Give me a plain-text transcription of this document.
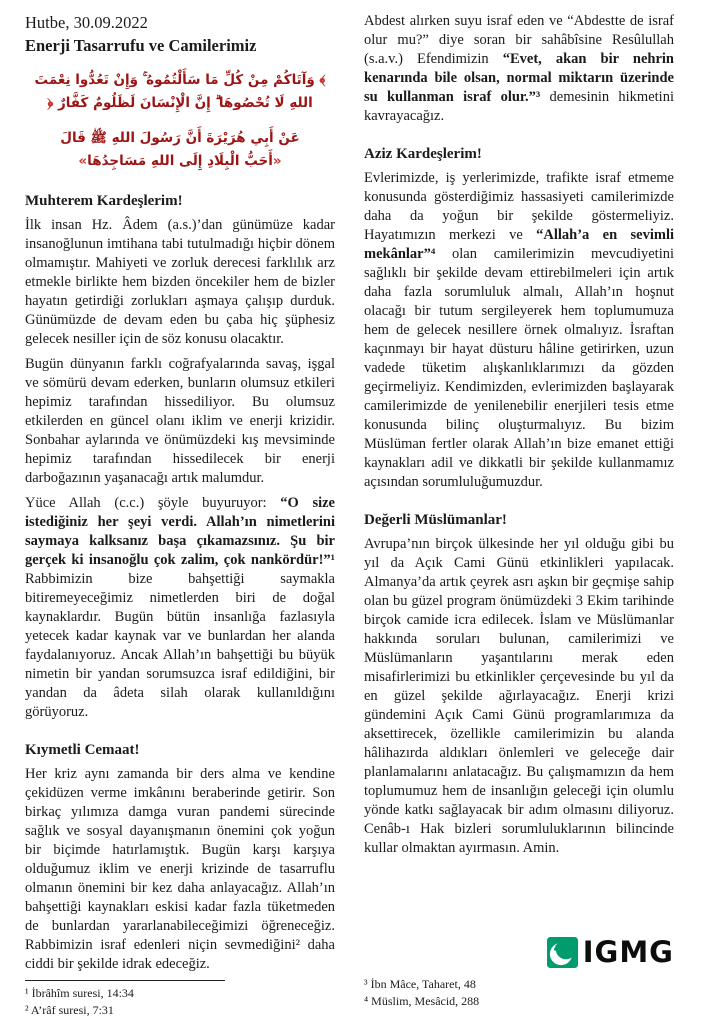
Hutbe, 30.09.2022
Enerji Tasarrufu ve Camilerimiz
﴾ وَآتَاكُمْ مِنْ كُلِّ مَا سَأَلْتُمُوهُ ۚ وَإِنْ تَعُدُّوا نِعْمَتَ اللهِ لَا تُحْصُوهَا ۗ إِنَّ الْإِنْسَانَ لَظَلُومٌ كَفَّارٌ ﴿
عَنْ أَبِي هُرَيْرَةَ أَنَّ رَسُولَ اللهِ ﷺ قَالَ
«أَحَبُّ الْبِلَادِ إِلَى اللهِ مَسَاجِدُهَا»
Muhterem Kardeşlerim!

İlk insan Hz. Âdem (a.s.)’dan günümüze kadar insanoğlunun imtihana tabi tutulmadığı hiçbir dönem olmamıştır. Mahiyeti ve zorluk derecesi farklılık arz etmekle birlikte hem bizden öncekiler hem de bizler hayatın getirdiği zorlukları aşmaya çalışıp durduk. Günümüzde de devam eden bu çaba hiç şüphesiz gelecek nesiller için de söz konusu olacaktır.

Bugün dünyanın farklı coğrafyalarında savaş, işgal ve sömürü devam ederken, bunların olumsuz etkileri hepimiz tarafından hissediliyor. Bu olumsuz etkilerden en güncel olanı iklim ve enerji krizidir. Sonbahar aylarında ve önümüzdeki kış mevsiminde hepimiz tarafından hissedilecek bir enerji darboğazının yaşanacağı artık malumdur.

Yüce Allah (c.c.) şöyle buyuruyor: “O size istediğiniz her şeyi verdi. Allah’ın nimetlerini saymaya kalksanız başa çıkamazsınız. Şu bir gerçek ki insanoğlu çok zalim, çok nankördür!”¹ Rabbimizin bize bahşettiği saymakla bitiremeyeceğimiz nimetlerden biri de doğal kaynaklardır. Bugün bütün insanlığa fazlasıyla yetecek kadar kaynak var ve bunlardan her alanda faydalanıyoruz. Ancak Allah’ın bahşettiği bu büyük nimetin bir yandan sorumsuzca israf edildiğini, bir yandan da âdeta silah olarak kullanıldığını görüyoruz.

Kıymetli Cemaat!

Her kriz aynı zamanda bir ders alma ve kendine çekidüzen verme imkânını beraberinde getirir. Son birkaç yılımıza damga vuran pandemi sürecinde sağlık ve sosyal dayanışmanın önemini çok yoğun bir biçimde hatırlamıştık. Bugün karşı karşıya olduğumuz iklim ve enerji krizinde de tasarruflu olmanın önemini bir kez daha anlayacağız. Allah’ın bahşettiği kaynakları eskisi kadar fazla tüketmeden de bunlardan yararlanabileceğimizi öğreneceğiz. Rabbimizin israf edenleri niçin sevmediğini² daha ciddi bir şekilde idrak edeceğiz.

¹ İbrâhîm suresi, 14:34
² A’râf suresi, 7:31

Abdest alırken suyu israf eden ve “Abdestte de israf olur mu?” diye soran bir sahâbîsine Resûlullah (s.a.v.) Efendimizin “Evet, akan bir nehrin kenarında bile olsan, normal miktarın üzerinde su kullanman israf olur.”³ demesinin hikmetini kavrayacağız.

Aziz Kardeşlerim!

Evlerimizde, iş yerlerimizde, trafikte israf etmeme konusunda gösterdiğimiz hassasiyeti camilerimizde daha da yoğun bir şekilde göstermeliyiz. Hayatımızın merkezi ve “Allah’a en sevimli mekânlar”⁴ olan camilerimizin mevcudiyetini sağlıklı bir şekilde devam ettirebilmeleri için artık daha fazla sorumluluk almalı, Allah’ın hoşnut olacağı bir tutum sergileyerek hem toplumumuza hem de gelecek nesillere örnek olmalıyız. İsraftan kaçınmayı bir hayat düsturu hâline getirirken, uzun vadede tüketim alışkanlıklarımızı da gözden geçirmeliyiz. Kendimizden, evlerimizden başlayarak camilerimizde de yenilenebilir enerjileri tesis etme konusunda bilinç oluşturmalıyız. Bu bizim Müslüman fertler olarak Allah’ın bize emanet ettiği kaynakları adil ve dikkatli bir şekilde kullanmamız açısından sorumluluğumuzdur.

Değerli Müslümanlar!

Avrupa’nın birçok ülkesinde her yıl olduğu gibi bu yıl da Açık Cami Günü etkinlikleri yapılacak. Almanya’da artık çeyrek asrı aşkın bir geçmişe sahip olan bu güzel program önümüzdeki 3 Ekim tarihinde birçok camide icra edilecek. İslam ve Müslümanlar hakkında soruları bulunan, camilerimizi ve Müslümanların yaşantılarını merak eden misafirlerimizi bu etkinlikler çerçevesinde bu yıl da en güzel şekilde ağırlayacağız. Enerji krizi gündemini Açık Cami Günü programlarımıza da aksettirecek, özellikle camilerimizin bu alanda hâlihazırda aldıkları önlemleri ve geleceğe dair planlamalarını anlatacağız. Bu çalışmamızın da hem toplumumuz hem de insanlığın geleceği için olumlu yönde katkı sağlayacak bir adım olmasını diliyoruz. Cenâb-ı Hak bizleri sorumluluklarının bilincinde kullar olmaktan ayırmasın. Amin.

IGMG
³ İbn Mâce, Taharet, 48
⁴ Müslim, Mesâcid, 288
